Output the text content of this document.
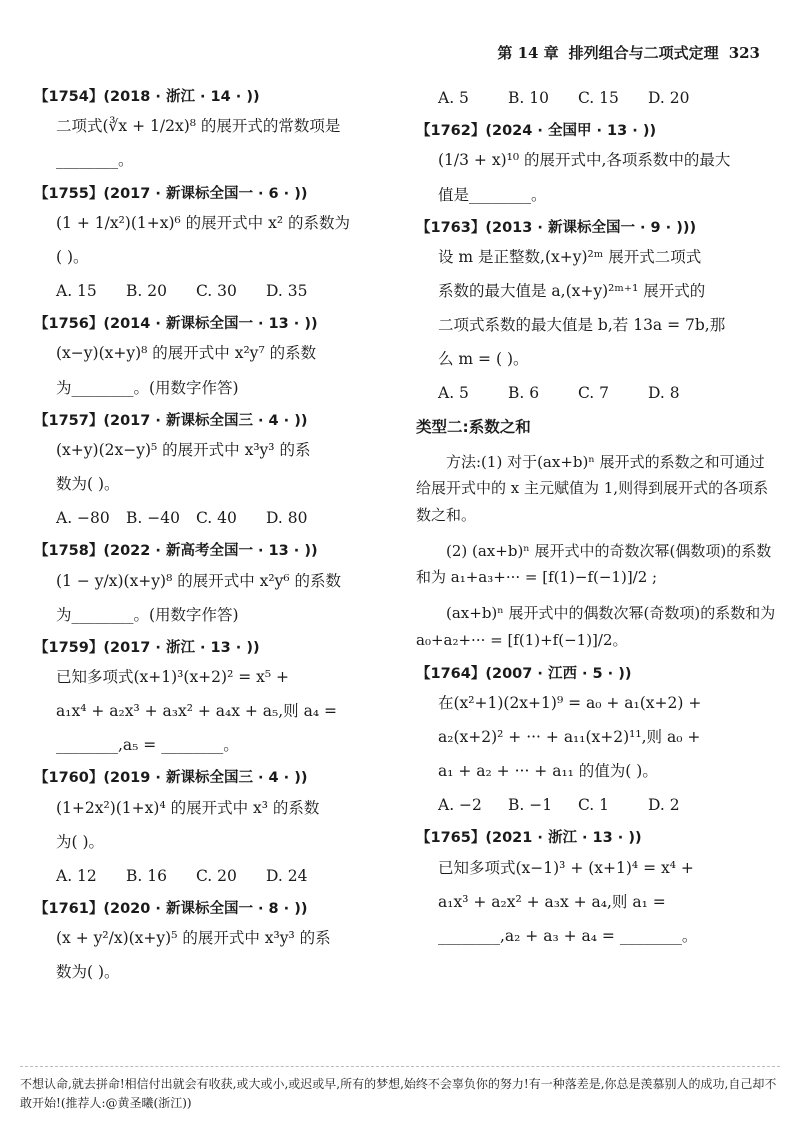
第 14 章 排列组合与二项式定理 323
【1754】(2018 · 浙江 · 14 · ))
二项式(∛x + 1/2x)⁸ 的展开式的常数项是
________。
【1755】(2017 · 新课标全国一 · 6 · ))
(1 + 1/x²)(1+x)⁶ 的展开式中 x² 的系数为
( )。
A. 15	B. 20	C. 30	D. 35
【1756】(2014 · 新课标全国一 · 13 · ))
(x−y)(x+y)⁸ 的展开式中 x²y⁷ 的系数
为________。(用数字作答)
【1757】(2017 · 新课标全国三 · 4 · ))
(x+y)(2x−y)⁵ 的展开式中 x³y³ 的系
数为( )。
A. −80	B. −40	C. 40	D. 80
【1758】(2022 · 新高考全国一 · 13 · ))
(1 − y/x)(x+y)⁸ 的展开式中 x²y⁶ 的系数
为________。(用数字作答)
【1759】(2017 · 浙江 · 13 · ))
已知多项式(x+1)³(x+2)² = x⁵ +
a₁x⁴ + a₂x³ + a₃x² + a₄x + a₅,则 a₄ =
________,a₅ = ________。
【1760】(2019 · 新课标全国三 · 4 · ))
(1+2x²)(1+x)⁴ 的展开式中 x³ 的系数
为( )。
A. 12	B. 16	C. 20	D. 24
【1761】(2020 · 新课标全国一 · 8 · ))
(x + y²/x)(x+y)⁵ 的展开式中 x³y³ 的系
数为( )。
A. 5	B. 10	C. 15	D. 20
【1762】(2024 · 全国甲 · 13 · ))
(1/3 + x)¹⁰ 的展开式中,各项系数中的最大
值是________。
【1763】(2013 · 新课标全国一 · 9 · )))
设 m 是正整数,(x+y)²ᵐ 展开式二项式
系数的最大值是 a,(x+y)²ᵐ⁺¹ 展开式的
二项式系数的最大值是 b,若 13a = 7b,那
么 m = ( )。
A. 5	B. 6	C. 7	D. 8
类型二:系数之和

方法:(1) 对于(ax+b)ⁿ 展开式的系数之和可通过给展开式中的 x 主元赋值为 1,则得到展开式的各项系数之和。

(2) (ax+b)ⁿ 展开式中的奇数次幂(偶数项)的系数和为 a₁+a₃+··· = [f(1)−f(−1)]/2 ;

(ax+b)ⁿ 展开式中的偶数次幂(奇数项)的系数和为 a₀+a₂+··· = [f(1)+f(−1)]/2。

【1764】(2007 · 江西 · 5 · ))
在(x²+1)(2x+1)⁹ = a₀ + a₁(x+2) +
a₂(x+2)² + ··· + a₁₁(x+2)¹¹,则 a₀ +
a₁ + a₂ + ··· + a₁₁ 的值为( )。
A. −2	B. −1	C. 1	D. 2
【1765】(2021 · 浙江 · 13 · ))
已知多项式(x−1)³ + (x+1)⁴ = x⁴ +
a₁x³ + a₂x² + a₃x + a₄,则 a₁ =
________,a₂ + a₃ + a₄ = ________。
不想认命,就去拼命!相信付出就会有收获,或大或小,或迟或早,所有的梦想,始终不会辜负你的努力!有一种落差是,你总是羡慕别人的成功,自己却不敢开始!(推荐人:@黄圣曦(浙江))
